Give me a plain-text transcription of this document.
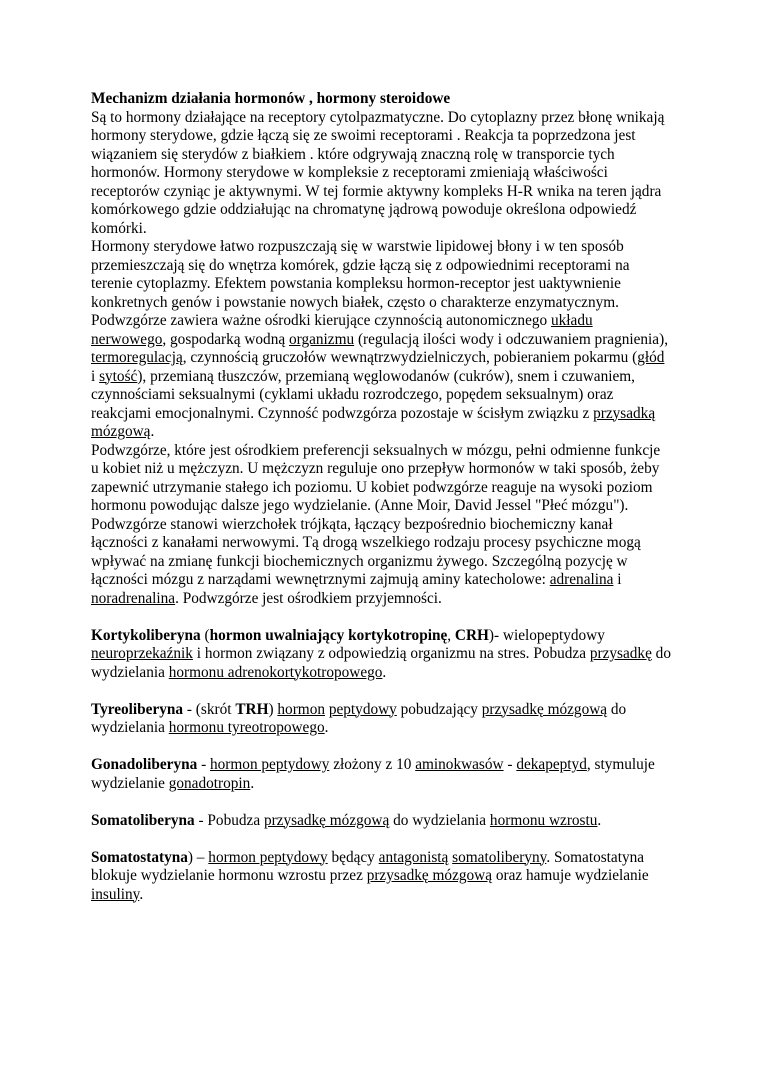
Mechanizm działania hormonów , hormony steroidowe

Są to hormony działające na receptory cytolpazmatyczne. Do cytoplazny przez błonę wnikają hormony sterydowe, gdzie łączą się ze swoimi receptorami . Reakcja ta poprzedzona jest wiązaniem się sterydów z białkiem . które odgrywają znaczną rolę w transporcie tych hormonów. Hormony sterydowe w kompleksie z receptorami zmieniają właściwości receptorów czyniąc je aktywnymi. W tej formie aktywny kompleks H-R wnika na teren jądra komórkowego gdzie oddziałując na chromatynę jądrową powoduje określona odpowiedź komórki.

Hormony sterydowe łatwo rozpuszczają się w warstwie lipidowej błony i w ten sposób przemieszczają się do wnętrza komórek, gdzie łączą się z odpowiednimi receptorami na terenie cytoplazmy. Efektem powstania kompleksu hormon-receptor jest uaktywnienie konkretnych genów i powstanie nowych białek, często o charakterze enzymatycznym.

Podwzgórze zawiera ważne ośrodki kierujące czynnością autonomicznego układu nerwowego, gospodarką wodną organizmu (regulacją ilości wody i odczuwaniem pragnienia), termoregulacją, czynnością gruczołów wewnątrzwydzielniczych, pobieraniem pokarmu (głód i sytość), przemianą tłuszczów, przemianą węglowodanów (cukrów), snem i czuwaniem, czynnościami seksualnymi (cyklami układu rozrodczego, popędem seksualnym) oraz reakcjami emocjonalnymi. Czynność podwzgórza pozostaje w ścisłym związku z przysadką mózgową.

Podwzgórze, które jest ośrodkiem preferencji seksualnych w mózgu, pełni odmienne funkcje u kobiet niż u mężczyzn. U mężczyzn reguluje ono przepływ hormonów w taki sposób, żeby zapewnić utrzymanie stałego ich poziomu. U kobiet podwzgórze reaguje na wysoki poziom hormonu powodując dalsze jego wydzielanie. (Anne Moir, David Jessel "Płeć mózgu"). Podwzgórze stanowi wierzchołek trójkąta, łączący bezpośrednio biochemiczny kanał łączności z kanałami nerwowymi. Tą drogą wszelkiego rodzaju procesy psychiczne mogą wpływać na zmianę funkcji biochemicznych organizmu żywego. Szczególną pozycję w łączności mózgu z narządami wewnętrznymi zajmują aminy katecholowe: adrenalina i noradrenalina. Podwzgórze jest ośrodkiem przyjemności.

Kortykoliberyna (hormon uwalniający kortykotropinę, CRH)- wielopeptydowy neuroprzekaźnik i hormon związany z odpowiedzią organizmu na stres. Pobudza przysadkę do wydzielania hormonu adrenokortykotropowego.

Tyreoliberyna - (skrót TRH) hormon peptydowy pobudzający przysadkę mózgową do wydzielania hormonu tyreotropowego.

Gonadoliberyna - hormon peptydowy złożony z 10 aminokwasów - dekapeptyd, stymuluje wydzielanie gonadotropin.

Somatoliberyna - Pobudza przysadkę mózgową do wydzielania hormonu wzrostu.

Somatostatyna) – hormon peptydowy będący antagonistą somatoliberyny. Somatostatyna blokuje wydzielanie hormonu wzrostu przez przysadkę mózgową oraz hamuje wydzielanie insuliny.
